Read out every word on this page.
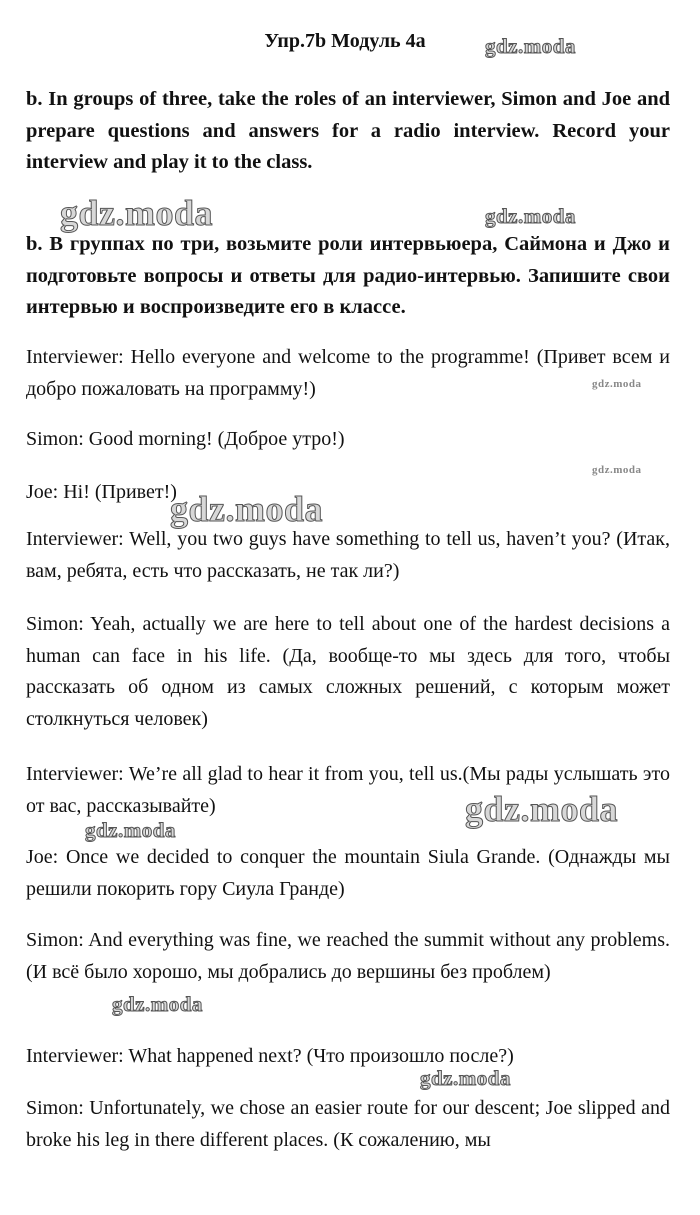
Упр.7b Модуль 4a
b. In groups of three, take the roles of an interviewer, Simon and Joe and prepare questions and answers for a radio interview. Record your interview and play it to the class.
b. В группах по три, возьмите роли интервьюера, Саймона и Джо и подготовьте вопросы и ответы для радио-интервью. Запишите свои интервью и воспроизведите его в классе.
Interviewer: Hello everyone and welcome to the programme! (Привет всем и добро пожаловать на программу!)
Simon: Good morning! (Доброе утро!)
Joe: Hi! (Привет!)
Interviewer: Well, you two guys have something to tell us, haven’t you? (Итак, вам, ребята, есть что рассказать, не так ли?)
Simon: Yeah, actually we are here to tell about one of the hardest decisions a human can face in his life. (Да, вообще-то мы здесь для того, чтобы рассказать об одном из самых сложных решений, с которым может столкнуться человек)
Interviewer: We’re all glad to hear it from you, tell us.(Мы рады услышать это от вас, рассказывайте)
Joe: Once we decided to conquer the mountain Siula Grande. (Однажды мы решили покорить гору Сиула Гранде)
Simon: And everything was fine, we reached the summit without any problems. (И всё было хорошо, мы добрались до вершины без проблем)
Interviewer: What happened next? (Что произошло после?)
Simon: Unfortunately, we chose an easier route for our descent; Joe slipped and broke his leg in there different places. (К сожалению, мы
gdz.moda
gdz.moda	gdz.moda
gdz.moda
gdz.moda
gdz.moda
gdz.moda
gdz.moda
gdz.moda
gdz.moda
